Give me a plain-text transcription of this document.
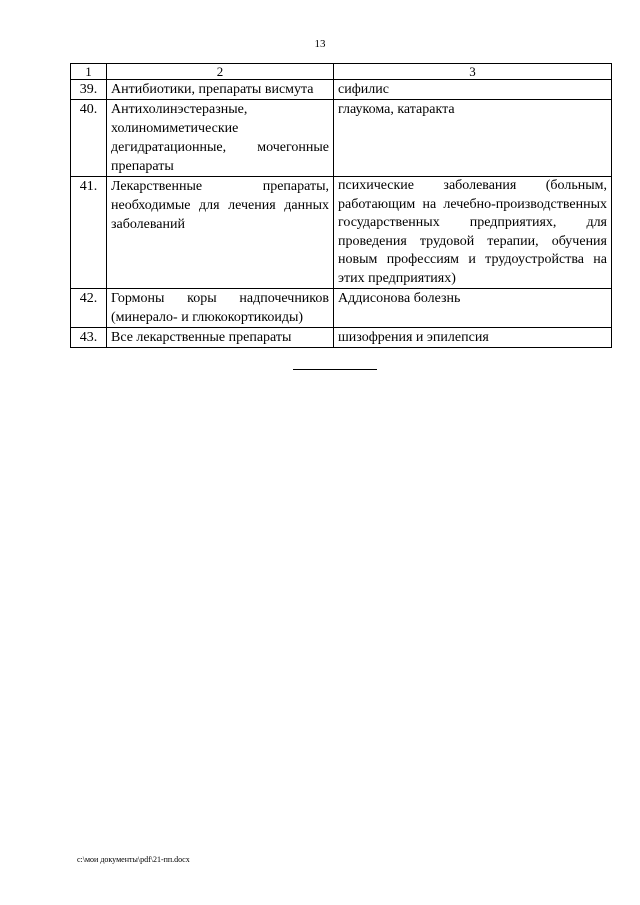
13
1	2	3
39.	Антибиотики, препараты висмута	сифилис
40.	Антихолинэстеразные, холиномиметические дегидратационные, мочегонные препараты	глаукома, катаракта
41.	Лекарственные препараты, необходимые для лечения данных заболеваний	психические заболевания (больным, работающим на лечебно-производственных государственных предприятиях, для проведения трудовой терапии, обучения новым профессиям и трудоустройства на этих предприятиях)
42.	Гормоны коры надпочечников (минерало- и глюкокортикоиды)	Аддисонова болезнь
43.	Все лекарственные препараты	шизофрения и эпилепсия
c:\мои документы\pdf\21-пп.docx
